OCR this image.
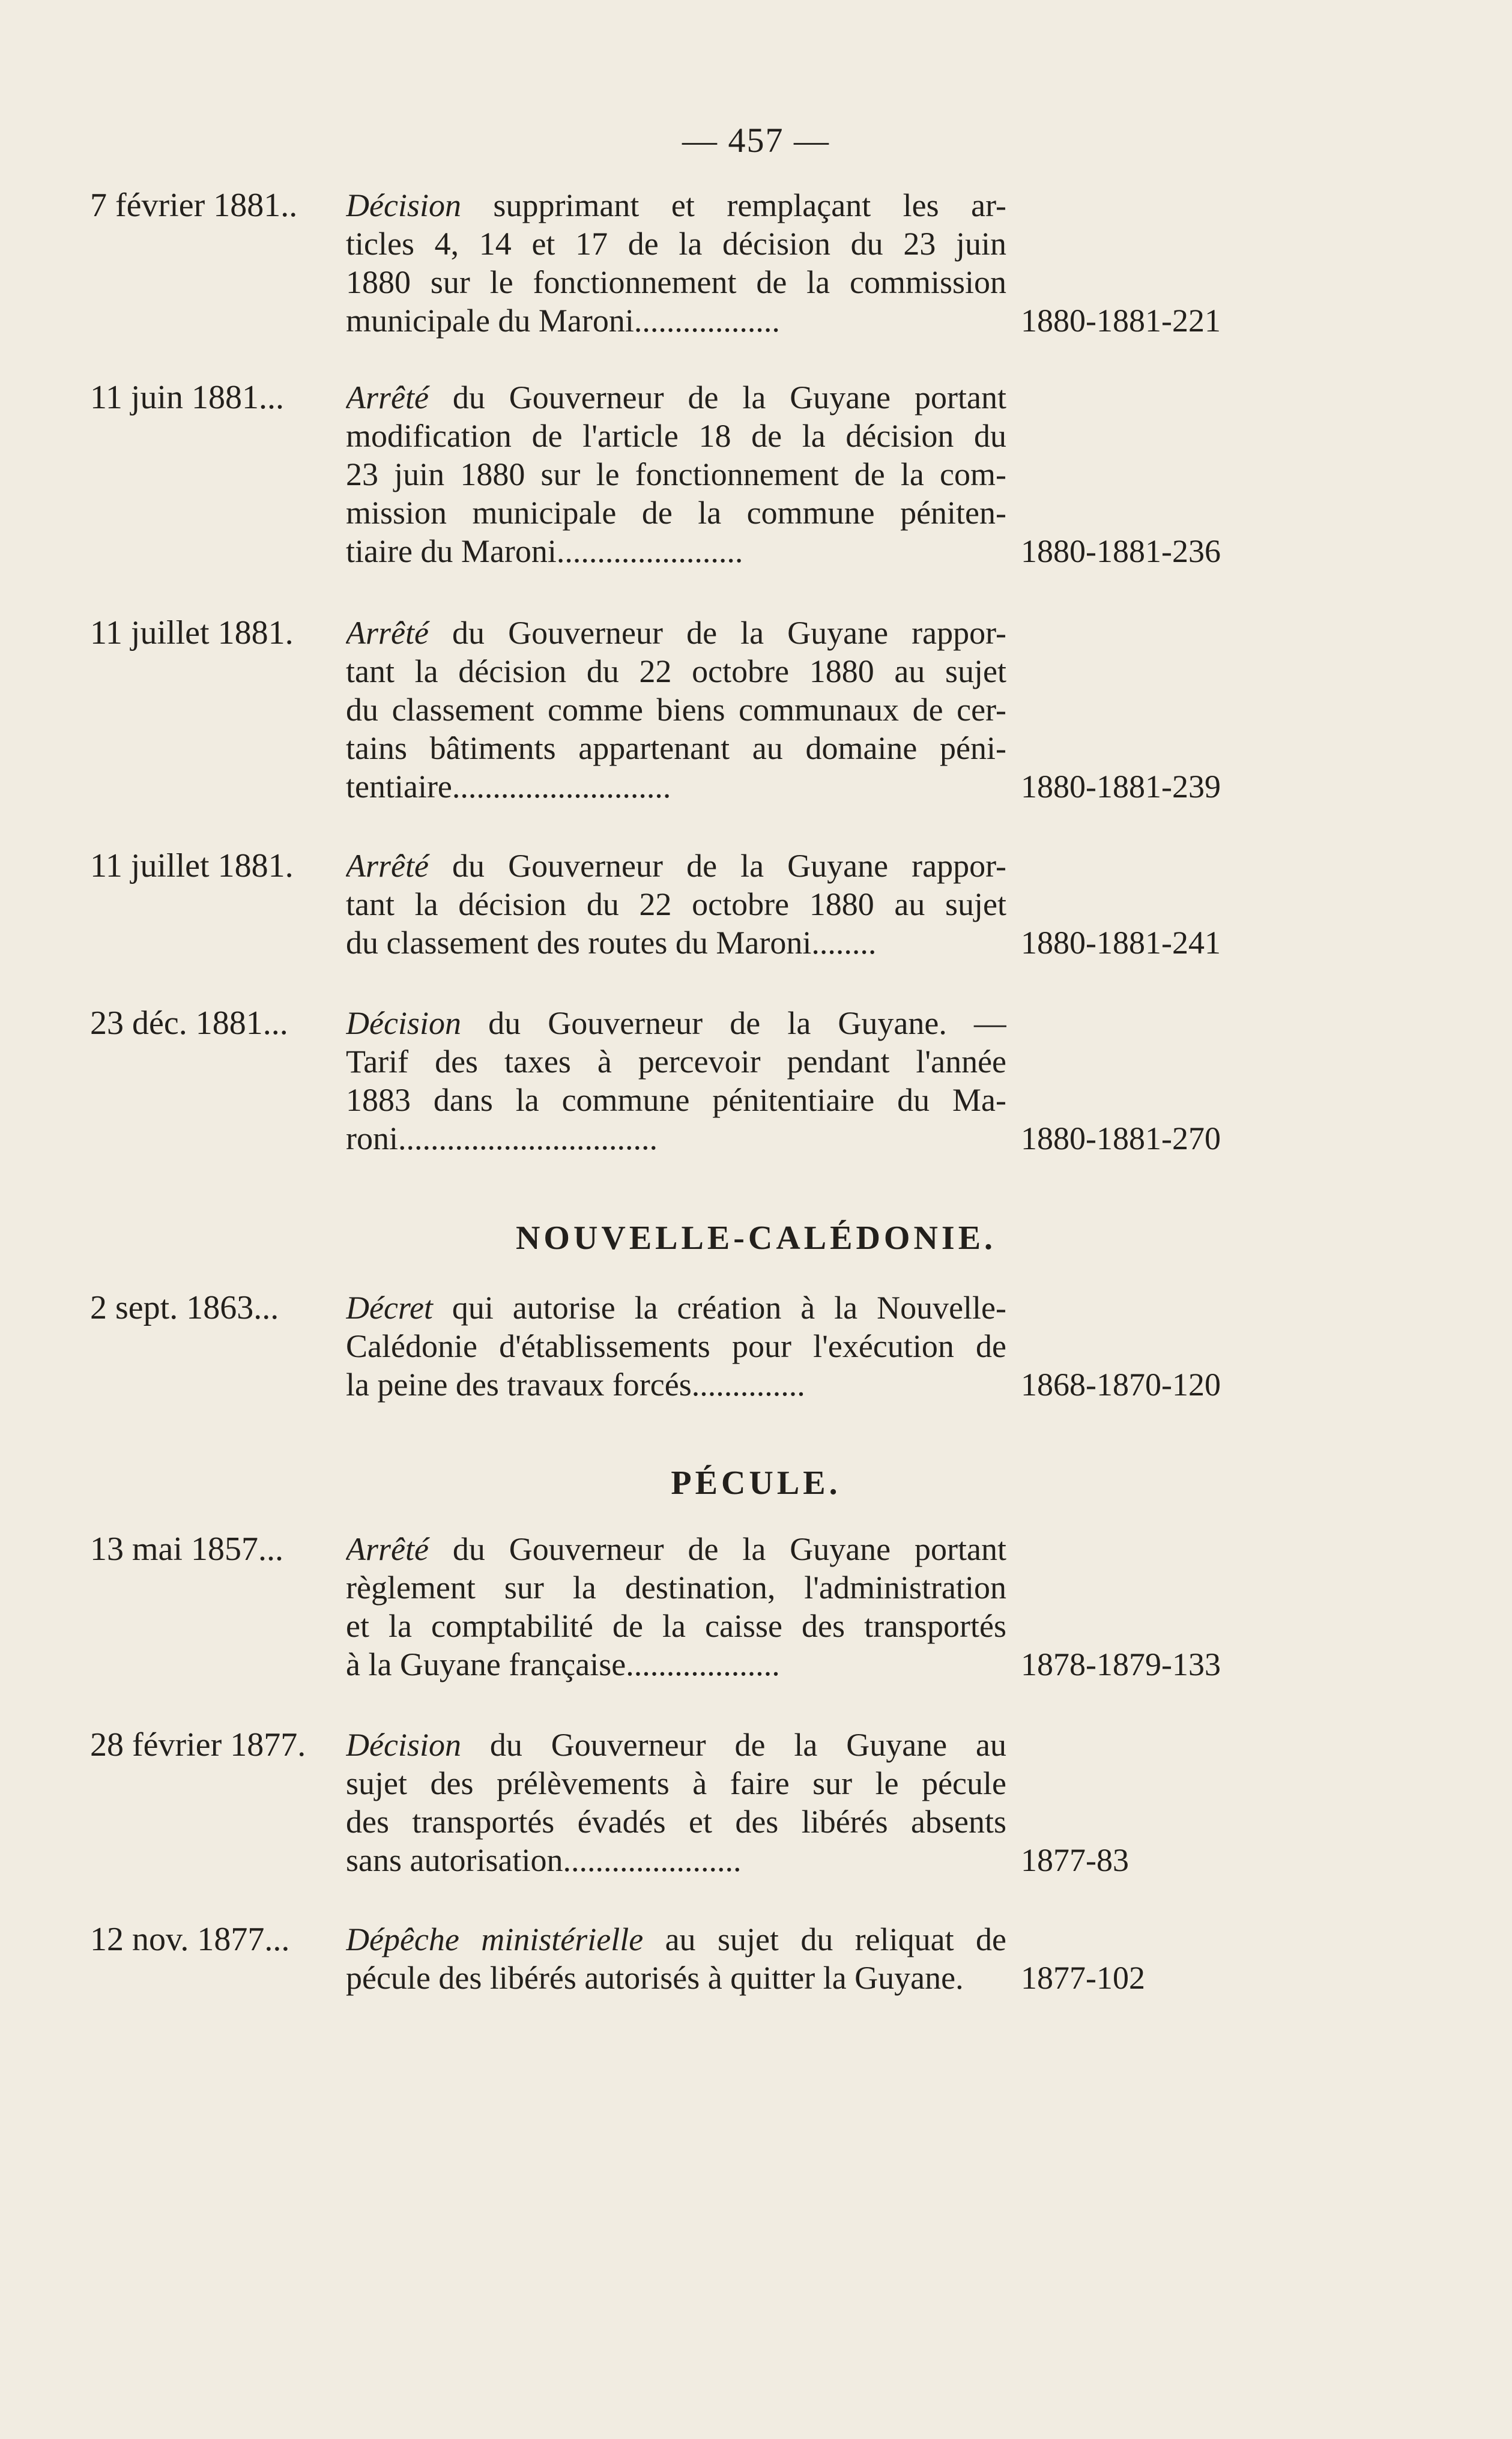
— 457 —
7 février 1881.. Décision supprimant et remplaçant les ar-
ticles 4, 14 et 17 de la décision du 23 juin
1880 sur le fonctionnement de la commission
municipale du Maroni..................	1880-1881-221
11 juin 1881... Arrêté du Gouverneur de la Guyane portant
modification de l'article 18 de la décision du
23 juin 1880 sur le fonctionnement de la com-
mission municipale de la commune péniten-
tiaire du Maroni.......................	1880-1881-236
11 juillet 1881. Arrêté du Gouverneur de la Guyane rappor-
tant la décision du 22 octobre 1880 au sujet
du classement comme biens communaux de cer-
tains bâtiments appartenant au domaine péni-
tentiaire...........................	1880-1881-239
11 juillet 1881. Arrêté du Gouverneur de la Guyane rappor-
tant la décision du 22 octobre 1880 au sujet
du classement des routes du Maroni........	1880-1881-241
23 déc. 1881... Décision du Gouverneur de la Guyane. —
Tarif des taxes à percevoir pendant l'année
1883 dans la commune pénitentiaire du Ma-
roni................................	1880-1881-270
NOUVELLE-CALÉDONIE.
2 sept. 1863... Décret qui autorise la création à la Nouvelle-
Calédonie d'établissements pour l'exécution de
la peine des travaux forcés..............	1868-1870-120
PÉCULE.
13 mai 1857... Arrêté du Gouverneur de la Guyane portant
règlement sur la destination, l'administration
et la comptabilité de la caisse des transportés
à la Guyane française...................	1878-1879-133
28 février 1877. Décision du Gouverneur de la Guyane au
sujet des prélèvements à faire sur le pécule
des transportés évadés et des libérés absents
sans autorisation......................	1877-83
12 nov. 1877... Dépêche ministérielle au sujet du reliquat de
pécule des libérés autorisés à quitter la Guyane.	1877-102
